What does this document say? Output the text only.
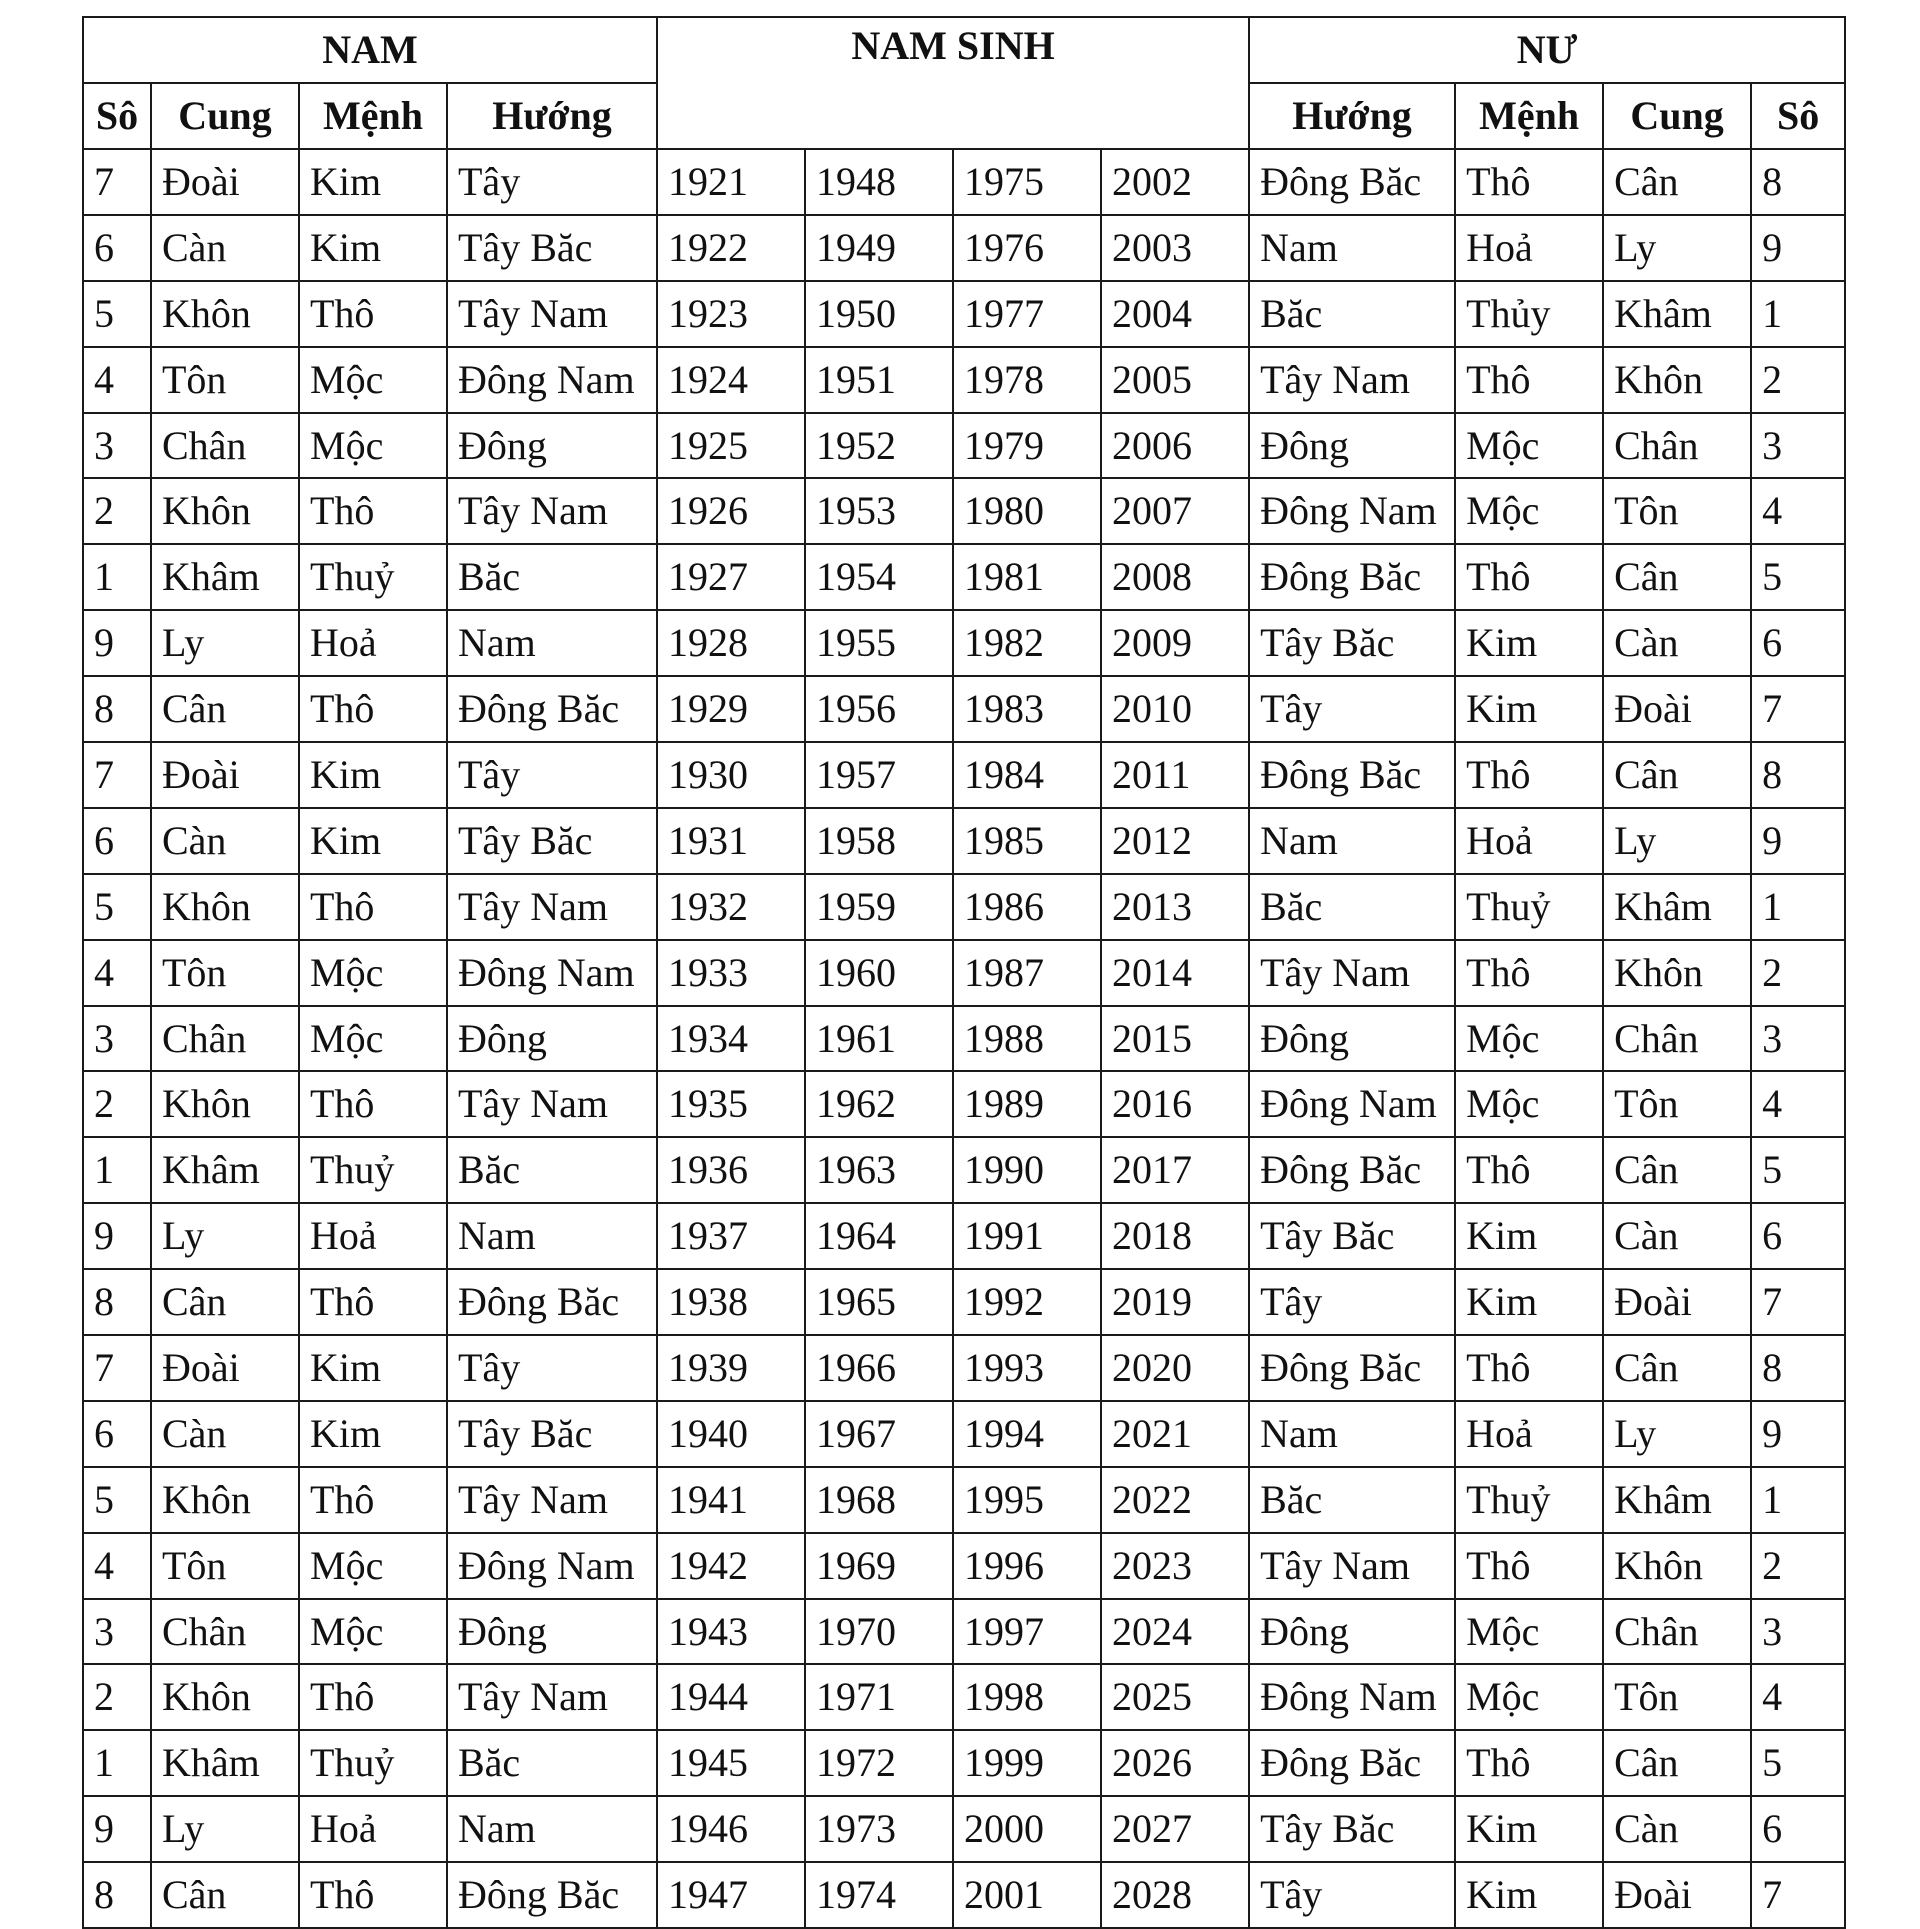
NAM				NAM SINH				NƯ			
Sô	Cung	Mệnh	Hướng					Hướng	Mệnh	Cung	Sô
7	Đoài	Kim	Tây	1921	1948	1975	2002	Đông Băc	Thô	Cân	8
6	Càn	Kim	Tây Băc	1922	1949	1976	2003	Nam	Hoả	Ly	9
5	Khôn	Thô	Tây Nam	1923	1950	1977	2004	Băc	Thủy	Khâm	1
4	Tôn	Mộc	Đông Nam	1924	1951	1978	2005	Tây Nam	Thô	Khôn	2
3	Chân	Mộc	Đông	1925	1952	1979	2006	Đông	Mộc	Chân	3
2	Khôn	Thô	Tây Nam	1926	1953	1980	2007	Đông Nam	Mộc	Tôn	4
1	Khâm	Thuỷ	Băc	1927	1954	1981	2008	Đông Băc	Thô	Cân	5
9	Ly	Hoả	Nam	1928	1955	1982	2009	Tây Băc	Kim	Càn	6
8	Cân	Thô	Đông Băc	1929	1956	1983	2010	Tây	Kim	Đoài	7
7	Đoài	Kim	Tây	1930	1957	1984	2011	Đông Băc	Thô	Cân	8
6	Càn	Kim	Tây Băc	1931	1958	1985	2012	Nam	Hoả	Ly	9
5	Khôn	Thô	Tây Nam	1932	1959	1986	2013	Băc	Thuỷ	Khâm	1
4	Tôn	Mộc	Đông Nam	1933	1960	1987	2014	Tây Nam	Thô	Khôn	2
3	Chân	Mộc	Đông	1934	1961	1988	2015	Đông	Mộc	Chân	3
2	Khôn	Thô	Tây Nam	1935	1962	1989	2016	Đông Nam	Mộc	Tôn	4
1	Khâm	Thuỷ	Băc	1936	1963	1990	2017	Đông Băc	Thô	Cân	5
9	Ly	Hoả	Nam	1937	1964	1991	2018	Tây Băc	Kim	Càn	6
8	Cân	Thô	Đông Băc	1938	1965	1992	2019	Tây	Kim	Đoài	7
7	Đoài	Kim	Tây	1939	1966	1993	2020	Đông Băc	Thô	Cân	8
6	Càn	Kim	Tây Băc	1940	1967	1994	2021	Nam	Hoả	Ly	9
5	Khôn	Thô	Tây Nam	1941	1968	1995	2022	Băc	Thuỷ	Khâm	1
4	Tôn	Mộc	Đông Nam	1942	1969	1996	2023	Tây Nam	Thô	Khôn	2
3	Chân	Mộc	Đông	1943	1970	1997	2024	Đông	Mộc	Chân	3
2	Khôn	Thô	Tây Nam	1944	1971	1998	2025	Đông Nam	Mộc	Tôn	4
1	Khâm	Thuỷ	Băc	1945	1972	1999	2026	Đông Băc	Thô	Cân	5
9	Ly	Hoả	Nam	1946	1973	2000	2027	Tây Băc	Kim	Càn	6
8	Cân	Thô	Đông Băc	1947	1974	2001	2028	Tây	Kim	Đoài	7
